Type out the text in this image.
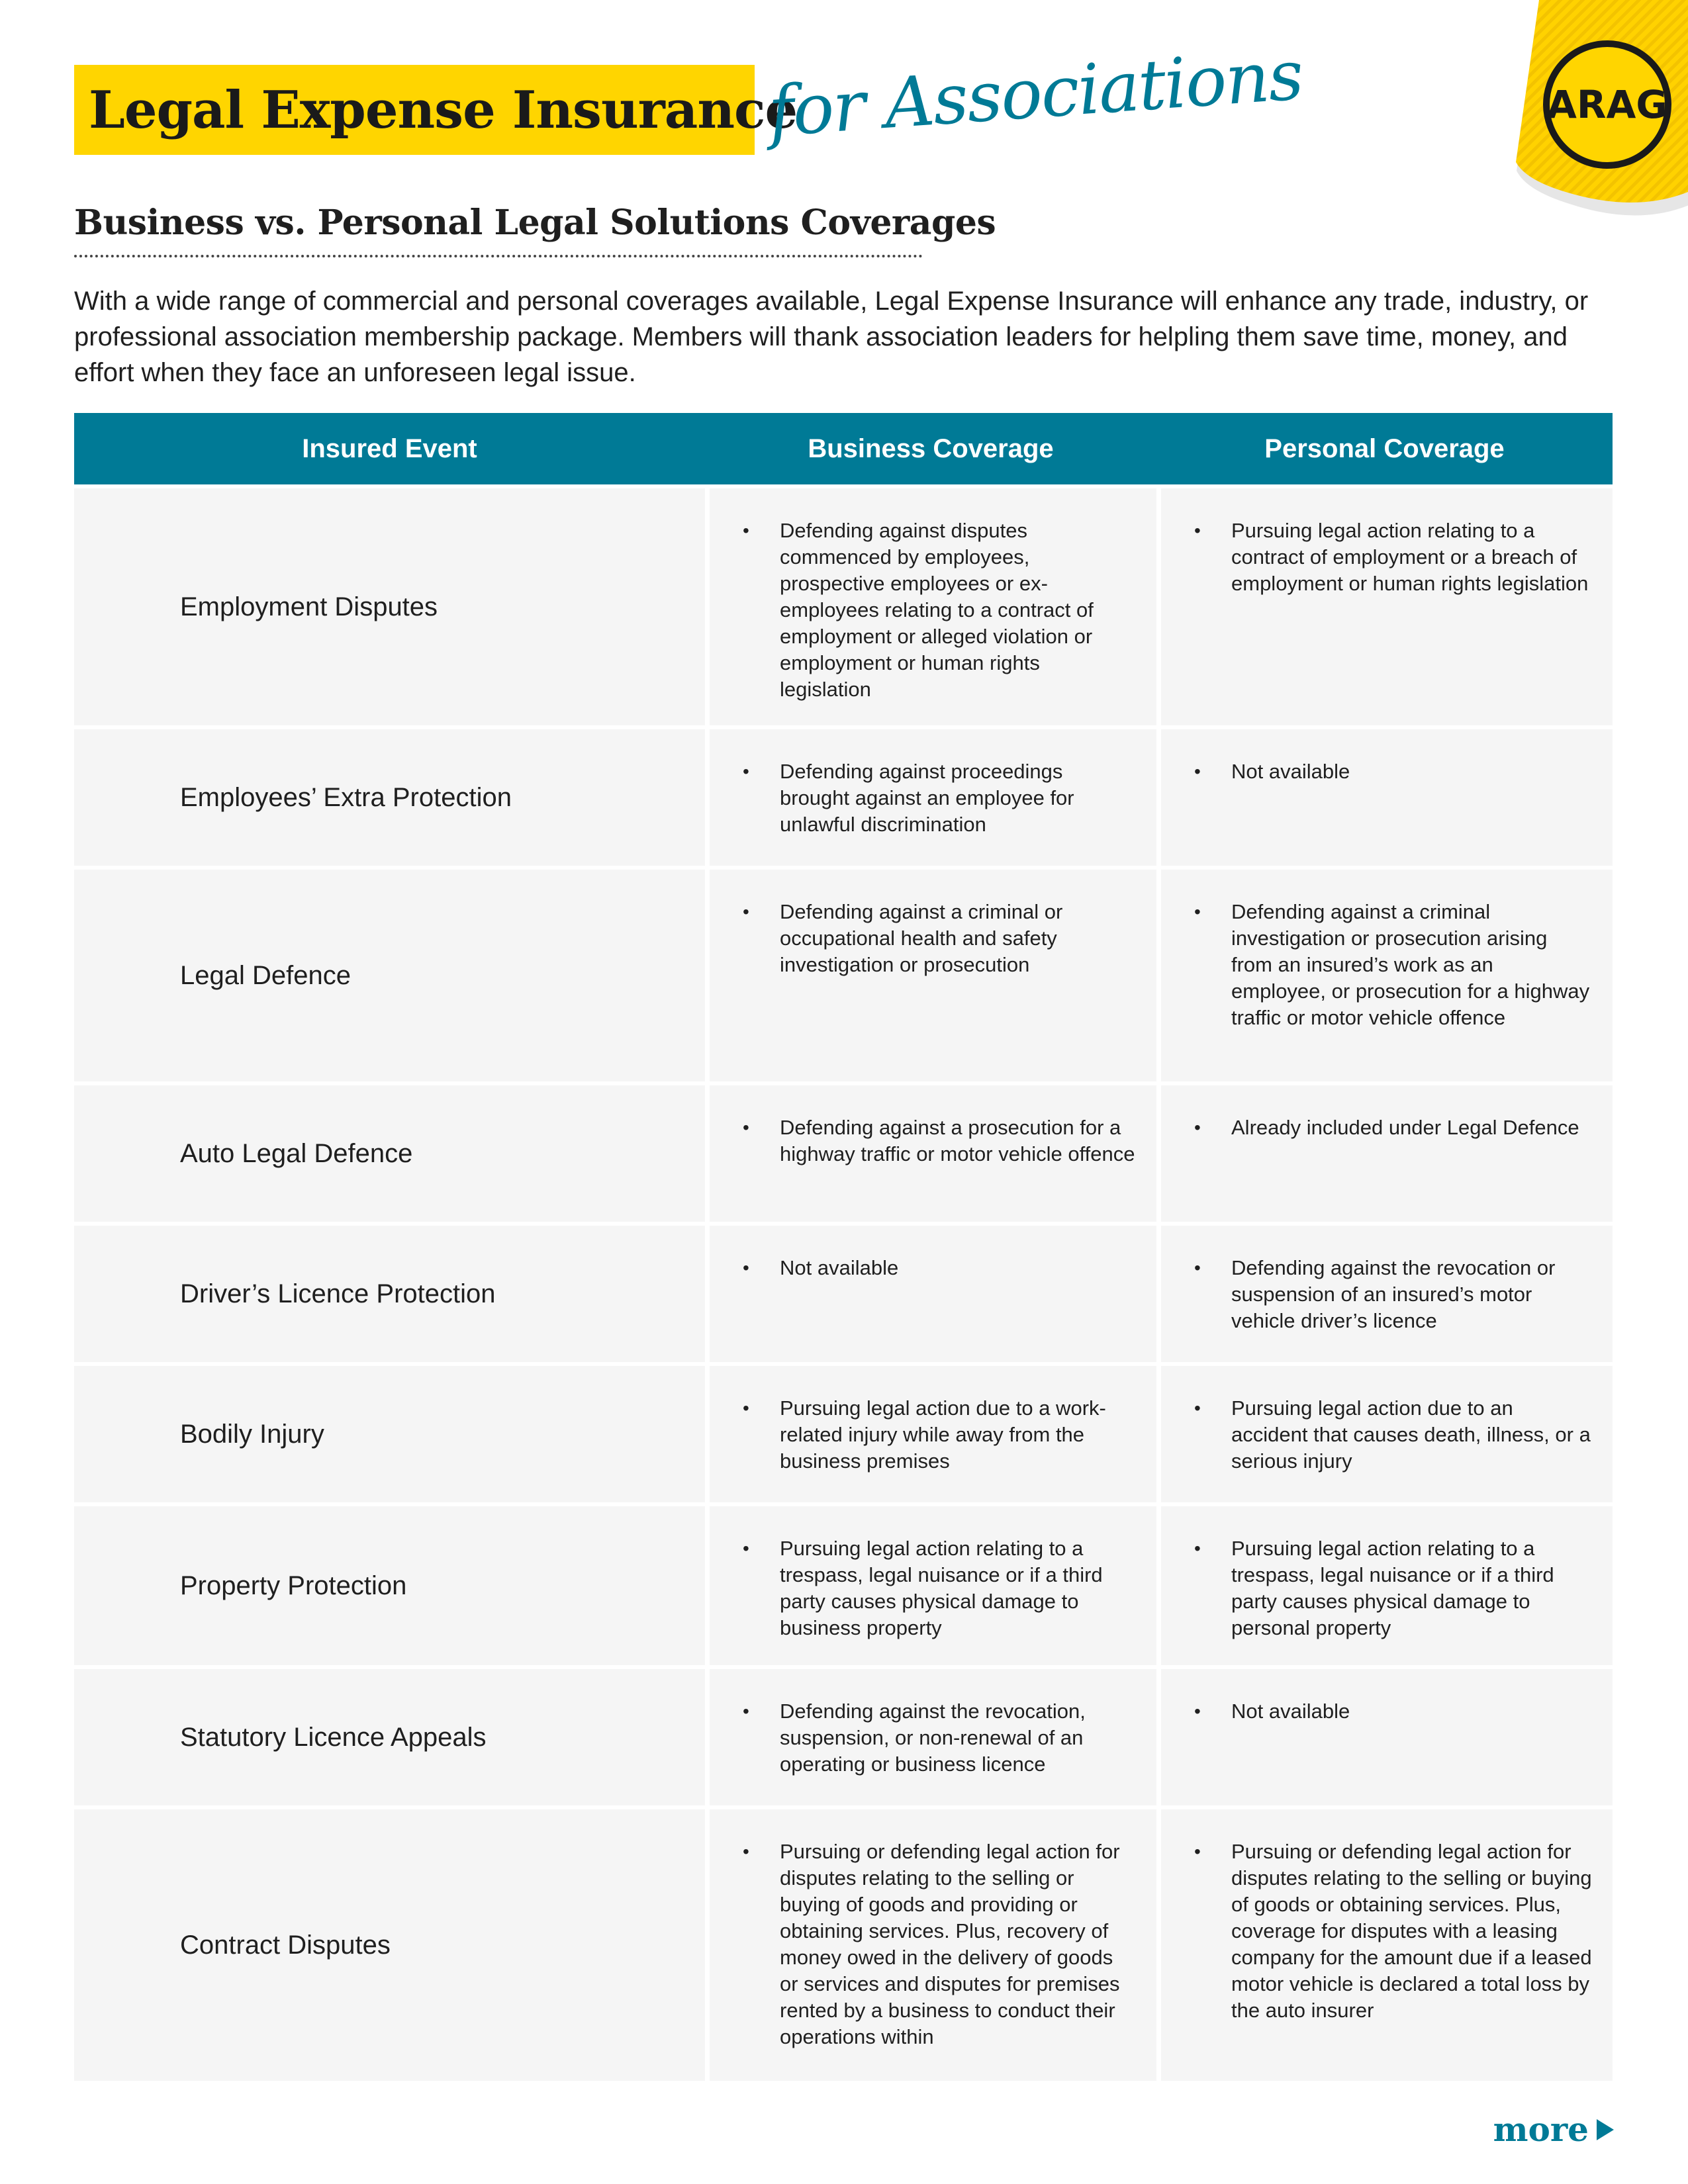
Legal Expense Insurance
for Associations	ARAG
Business vs. Personal Legal Solutions Coverages

With a wide range of commercial and personal coverages available, Legal Expense Insurance will enhance any trade, industry, or professional association membership package. Members will thank association leaders for helpling them save time, money, and effort when they face an unforeseen legal issue.

Insured Event	Business Coverage	Personal Coverage
Employment Disputes
• Defending against disputes commenced by employees, prospective employees or ex-employees relating to a contract of employment or alleged violation or employment or human rights legislation
• Pursuing legal action relating to a contract of employment or a breach of employment or human rights legislation
Employees’ Extra Protection
• Defending against proceedings brought against an employee for unlawful discrimination
• Not available
Legal Defence
• Defending against a criminal or occupational health and safety investigation or prosecution
• Defending against a criminal investigation or prosecution arising from an insured’s work as an employee, or prosecution for a highway traffic or motor vehicle offence
Auto Legal Defence
• Defending against a prosecution for a highway traffic or motor vehicle offence
• Already included under Legal Defence
Driver’s Licence Protection
• Not available
•	Defending against the revocation or suspension of an insured’s motor vehicle driver’s licence
Bodily Injury
• Pursuing legal action due to a work-related injury while away from the business premises
• Pursuing legal action due to an accident that causes death, illness, or a serious injury
Property Protection
• Pursuing legal action relating to a trespass, legal nuisance or if a third party causes physical damage to business property
• Pursuing legal action relating to a trespass, legal nuisance or if a third party causes physical damage to personal property
Statutory Licence Appeals
• Defending against the revocation, suspension, or non-renewal of an operating or business licence
• Not available
Contract Disputes
• Pursuing or defending legal action for disputes relating to the selling or buying of goods and providing or obtaining services. Plus, recovery of money owed in the delivery of goods or services and disputes for premises rented by a business to conduct their operations within
• Pursuing or defending legal action for disputes relating to the selling or buying of goods or obtaining services. Plus, coverage for disputes with a leasing company for the amount due if a leased motor vehicle is declared a total loss by the auto insurer
more
